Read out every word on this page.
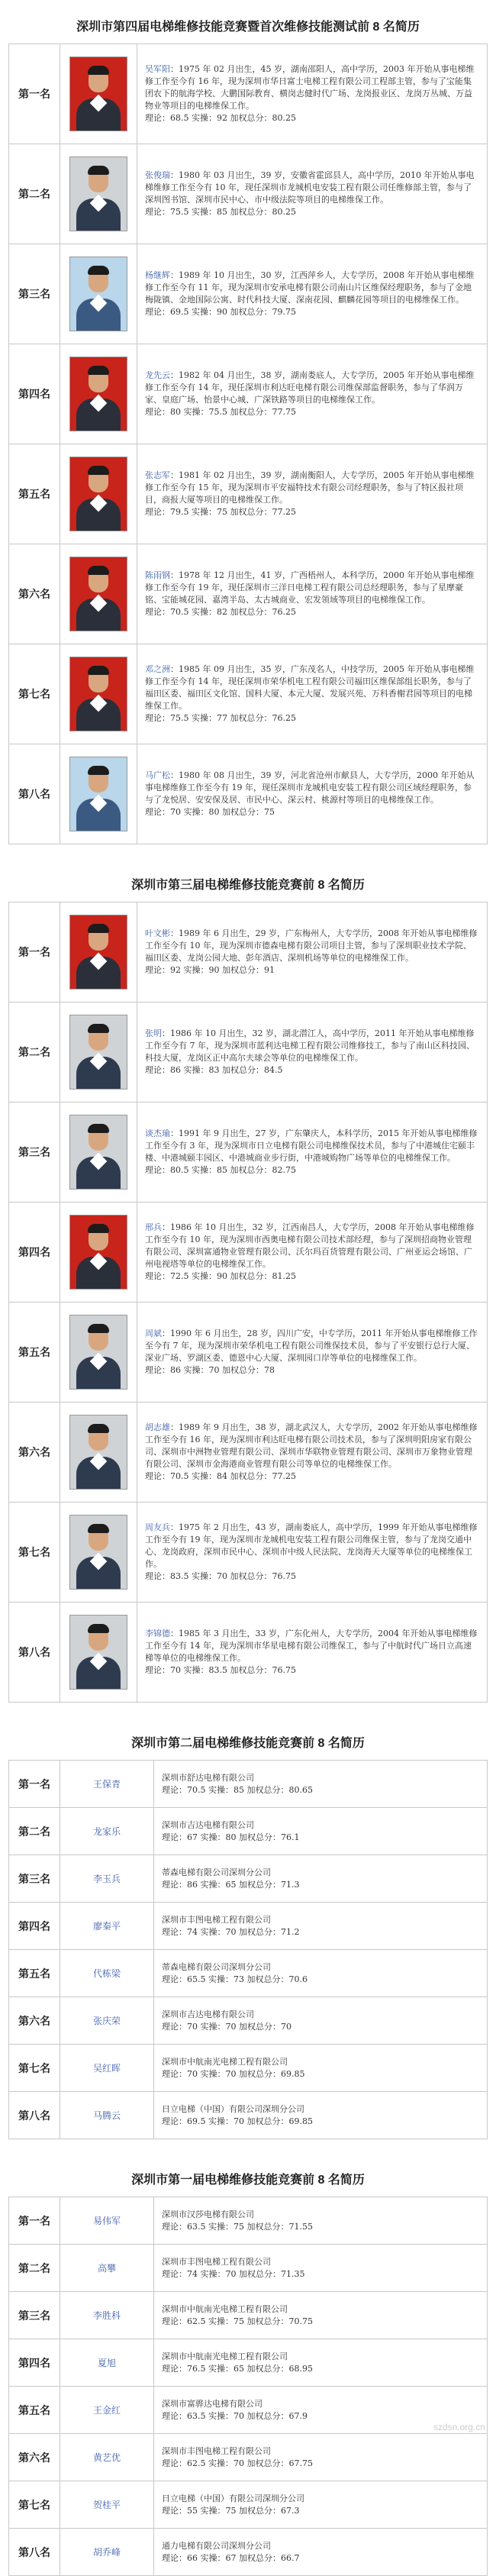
深圳市第四届电梯维修技能竞赛暨首次维修技能测试前 8 名简历
第一名		吴军阳：1975 年 02 月出生，45 岁，湖南邵阳人，高中学历，2003 年开始从事电梯维修工作至今有 16 年，现为深圳市华日富士电梯工程有限公司工程部主管，参与了宝能集团农下的航海学校、大鹏国际教育、横岗志健时代广场、龙岗报业区、龙岗万丛城、万益物业等项目的电梯维保工作。
理论：68.5 实操：92 加权总分：80.25
第二名		张俊瑞：1980 年 03 月出生，39 岁，安徽省霍邱县人，高中学历，2010 年开始从事电梯维修工作至今有 10 年，现任深圳市龙城机电安装工程有限公司任维修部主管，参与了深圳图书馆、深圳市民中心、市中级法院等项目的电梯维保工作。
理论：75.5 实操：85 加权总分：80.25
第三名		杨继辉：1989 年 10 月出生，30 岁，江西萍乡人，大专学历，2008 年开始从事电梯维修工作至今有 11 年，现为深圳市安承电梯有限公司南山片区维保经理职务，参与了金地梅陇镇、金地国际公寓、时代科技大厦、深南花园、麒麟花园等项目的电梯维保工作。
理论：69.5 实操：90 加权总分：79.75
第四名		龙先云：1982 年 04 月出生，38 岁，湖南娄底人，大专学历，2005 年开始从事电梯维修工作至今有 14 年，现任深圳市利达旺电梯有限公司维保部监督职务，参与了华润万家、皇庭广场、怡景中心城、广深铁路等项目的电梯维保工作。
理论：80 实操：75.5 加权总分：77.75
第五名		张志军：1981 年 02 月出生，39 岁，湖南衡阳人，大专学历，2005 年开始从事电梯维修工作至今有 15 年，现为深圳市平安福特技术有限公司经理职务，参与了特区报社项目，商报大厦等项目的电梯维保工作。
理论：79.5 实操：75 加权总分：77.25
第六名		陈雨钢：1978 年 12 月出生，41 岁，广西梧州人，本科学历，2000 年开始从事电梯维修工作至今有 19 年，现任深圳市三洋日电梯工程有限公司总经理职务，参与了星摩豪铭、宝能城花园、嘉湾半岛、太古城商业、宏发领域等项目的电梯维保工作。
理论：70.5 实操：82 加权总分：76.25
第七名		邓之洲：1985 年 09 月出生，35 岁，广东茂名人，中技学历，2005 年开始从事电梯维修工作至今有 14 年，现任深圳市荣华机电工程有限公司福田区维保部组长职务，参与了福田区委、福田区文化馆、国科大厦、本元大厦、发展兴苑、万科香榭君园等项目的电梯维保工作。
理论：75.5 实操：77 加权总分：76.25
第八名		马广松：1980 年 08 月出生，39 岁，河北省沧州市献县人，大专学历，2000 年开始从事电梯维修工作至今有 19 年，现任深圳市龙城机电安装工程有限公司区域经理职务，参与了龙悦居、安安保及居、市民中心、深云村、桃源村等项目的电梯维保工作。
理论：70 实操：80 加权总分：75
深圳市第三届电梯维修技能竞赛前 8 名简历
第一名		叶文彬：1989 年 6 月出生，29 岁，广东梅州人，大专学历，2008 年开始从事电梯维修工作至今有 10 年，现为深圳市德森电梯有限公司项目主管，参与了深圳职业技术学院、福田区委、龙岗公园大地、彭年酒店、深圳机场等单位的电梯维保工作。
理论：92 实操：90 加权总分：91
第二名		张明：1986 年 10 月出生，32 岁，湖北潜江人，高中学历，2011 年开始从事电梯维修工作至今有 7 年，现为深圳市蓝利达电梯工程有限公司维修技工，参与了南山区科技园、科技大厦，龙岗区正中高尔夫球会等单位的电梯维保工作。
理论：86 实操：83 加权总分：84.5
第三名		谈杰瑜：1991 年 9 月出生，27 岁，广东肇庆人，本科学历，2015 年开始从事电梯维修工作至今有 3 年，现为深圳市日立电梯有限公司电梯维保技术员，参与了中港城住宅颐丰楼、中港城颐丰园区、中港城商业步行街，中港城购物广场等单位的电梯维保工作。
理论：80.5 实操：85 加权总分：82.75
第四名		邢兵：1986 年 10 月出生，32 岁，江西南昌人，大专学历，2008 年开始从事电梯维修工作至今有 10 年，现为深圳市西奥电梯有限公司技术部经理，参与了深圳招商物业管理有限公司、深圳富通物业管理有限公司、沃尔玛百货管理有限公司、广州亚运会场馆、广州电视塔等单位的电梯维保工作。
理论：72.5 实操：90 加权总分：81.25
第五名		周斌：1990 年 6 月出生，28 岁，四川广安，中专学历，2011 年开始从事电梯维修工作至今有 7 年，现为深圳市荣华机电工程有限公司维保技术员，参与了平安银行总行大厦、深业广场、罗湖区委、德恩中心大厦、深圳园口岸等单位的电梯维保工作。
理论：86 实操：70 加权总分：78
第六名		胡志雄：1989 年 9 月出生，38 岁，湖北武汉人，大专学历，2002 年开始从事电梯维修工作至今有 16 年，现为深圳市利达旺电梯有限公司技术员，参与了深圳明阳房家有限公司、深圳市中洲物业管理有限公司、深圳市华联物业管理有限公司、深圳市万象物业管理有限公司、深圳市金海港商业管理有限公司等单位的电梯维保工作。
理论：70.5 实操：84 加权总分：77.25
第七名		周友兵：1975 年 2 月出生，43 岁，湖南娄底人，高中学历，1999 年开始从事电梯维修工作至今有 19 年，现为深圳市龙城机电安装工程有限公司维保主管，参与了龙岗交通中心、龙岗政府，深圳市民中心、深圳市中级人民法院、龙岗海天大厦等单位的电梯维保工作。
理论：83.5 实操：70 加权总分：76.75
第八名		李锦德：1985 年 3 月出生，33 岁，广东化州人，大专学历，2004 年开始从事电梯维修工作至今有 14 年，现为深圳市华星电梯有限公司维保工，参与了中航时代广场日立高速梯等单位的电梯维保工作。
理论：70 实操：83.5 加权总分：76.75
深圳市第二届电梯维修技能竞赛前 8 名简历
第一名	王保青	深圳市舒达电梯有限公司
理论：70.5 实操：85 加权总分：80.65
第二名	龙家乐	深圳市吉达电梯有限公司
理论：67 实操：80 加权总分：76.1
第三名	李玉兵	蒂森电梯有限公司深圳分公司
理论：86 实操：65 加权总分：71.3
第四名	廖秦平	深圳市丰图电梯工程有限公司
理论：74 实操：70 加权总分：71.2
第五名	代栋梁	蒂森电梯有限公司深圳分公司
理论：65.5 实操：73 加权总分：70.6
第六名	张庆荣	深圳市吉达电梯有限公司
理论：70 实操：70 加权总分：70
第七名	吴红晖	深圳市中航南光电梯工程有限公司
理论：70 实操：70 加权总分：69.85
第八名	马腾云	日立电梯（中国）有限公司深圳分公司
理论：69.5 实操：70 加权总分：69.85
深圳市第一届电梯维修技能竞赛前 8 名简历
第一名	易伟军	深圳市汉莎电梯有限公司
理论：63.5 实操：75 加权总分：71.55
第二名	高攀	深圳市丰图电梯工程有限公司
理论：74 实操：70 加权总分：71.35
第三名	李胜科	深圳市中航南光电梯工程有限公司
理论：62.5 实操：75 加权总分：70.75
第四名	夏旭	深圳市中航南光电梯工程有限公司
理论：76.5 实操：65 加权总分：68.95
第五名	王金红	深圳市富骅达电梯有限公司
理论：63.5 实操：70 加权总分：67.9
第六名	黄艺优	深圳市丰图电梯工程有限公司
理论：62.5 实操：70 加权总分：67.75
第七名	贺桂平	日立电梯（中国）有限公司深圳分公司
理论：55 实操：75 加权总分：67.3
第八名	胡乔峰	通力电梯有限公司深圳分公司
理论：66 实操：67 加权总分：66.7
szdsn.org.cn
